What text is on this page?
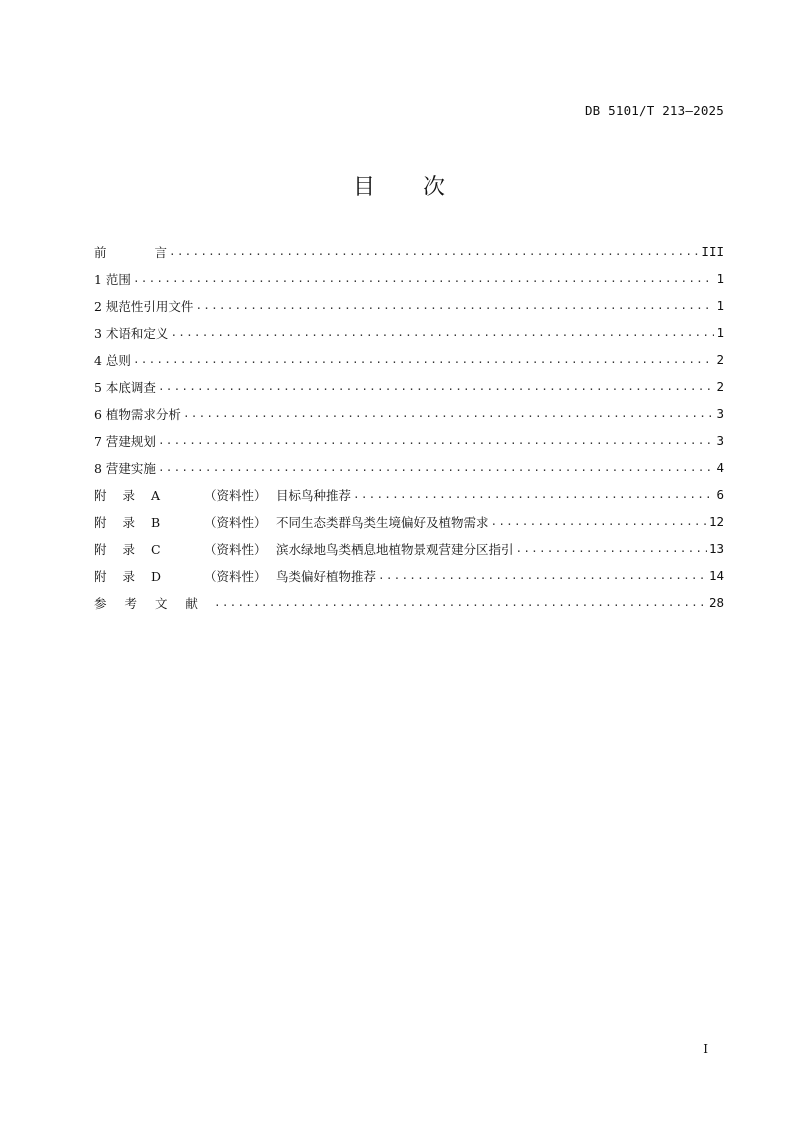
DB 5101/T 213—2025
目 次
前	言 .....	III
1 范围 .....	1
2 规范性引用文件 .....	1
3 术语和定义 .....	1
4 总则 .....	2
5 本底调查 .....	2
6 植物需求分析 .....	3
7 营建规划 .....	3
8 营建实施 .....	4
附 录 A	（资料性） 目标鸟种推荐 .....	6
附 录 B	（资料性） 不同生态类群鸟类生境偏好及植物需求 .....	12
附 录 C	（资料性） 滨水绿地鸟类栖息地植物景观营建分区指引 .....	13
附 录 D	（资料性） 鸟类偏好植物推荐 .....	14
参 考 文 献 .....	28
I
